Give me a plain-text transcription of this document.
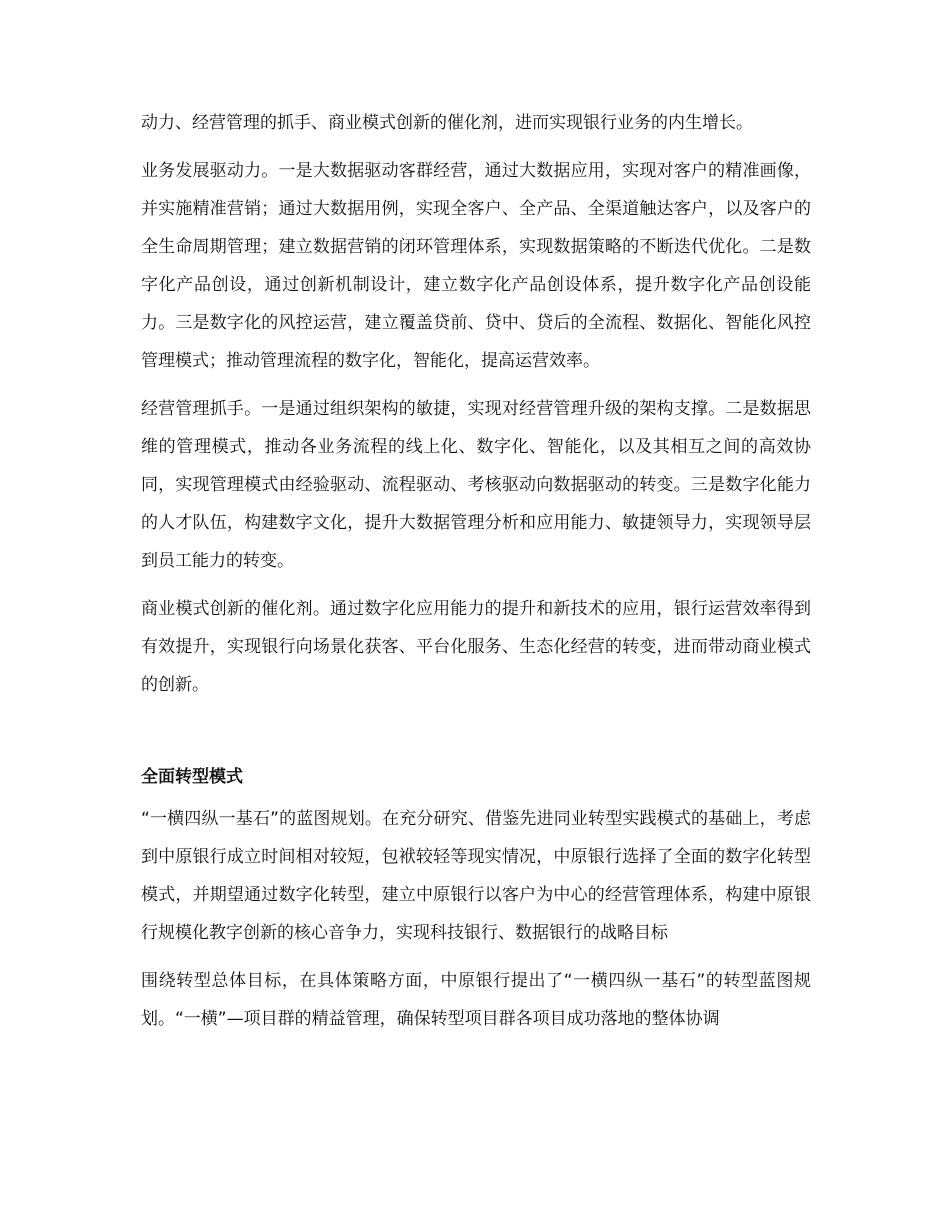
动力、经营管理的抓手、商业模式创新的催化剂，进而实现银行业务的内生增长。

业务发展驱动力。一是大数据驱动客群经营，通过大数据应用，实现对客户的精准画像，并实施精准营销；通过大数据用例，实现全客户、全产品、全渠道触达客户，以及客户的全生命周期管理；建立数据营销的闭环管理体系，实现数据策略的不断迭代优化。二是数字化产品创设，通过创新机制设计，建立数字化产品创设体系，提升数字化产品创设能力。三是数字化的风控运营，建立覆盖贷前、贷中、贷后的全流程、数据化、智能化风控管理模式；推动管理流程的数字化，智能化，提高运营效率。

经营管理抓手。一是通过组织架构的敏捷，实现对经营管理升级的架构支撑。二是数据思维的管理模式，推动各业务流程的线上化、数字化、智能化，以及其相互之间的高效协同，实现管理模式由经验驱动、流程驱动、考核驱动向数据驱动的转变。三是数字化能力的人才队伍，构建数字文化，提升大数据管理分析和应用能力、敏捷领导力，实现领导层到员工能力的转变。

商业模式创新的催化剂。通过数字化应用能力的提升和新技术的应用，银行运营效率得到有效提升，实现银行向场景化获客、平台化服务、生态化经营的转变，进而带动商业模式的创新。

全面转型模式

“一横四纵一基石”的蓝图规划。在充分研究、借鉴先进同业转型实践模式的基础上，考虑到中原银行成立时间相对较短，包袱较轻等现实情况，中原银行选择了全面的数字化转型模式，并期望通过数字化转型，建立中原银行以客户为中心的经营管理体系，构建中原银行规模化教字创新的核心音争力，实现科技银行、数据银行的战略目标

围绕转型总体目标，在具体策略方面，中原银行提出了“一横四纵一基石”的转型蓝图规划。“一横”—项目群的精益管理，确保转型项目群各项目成功落地的整体协调
